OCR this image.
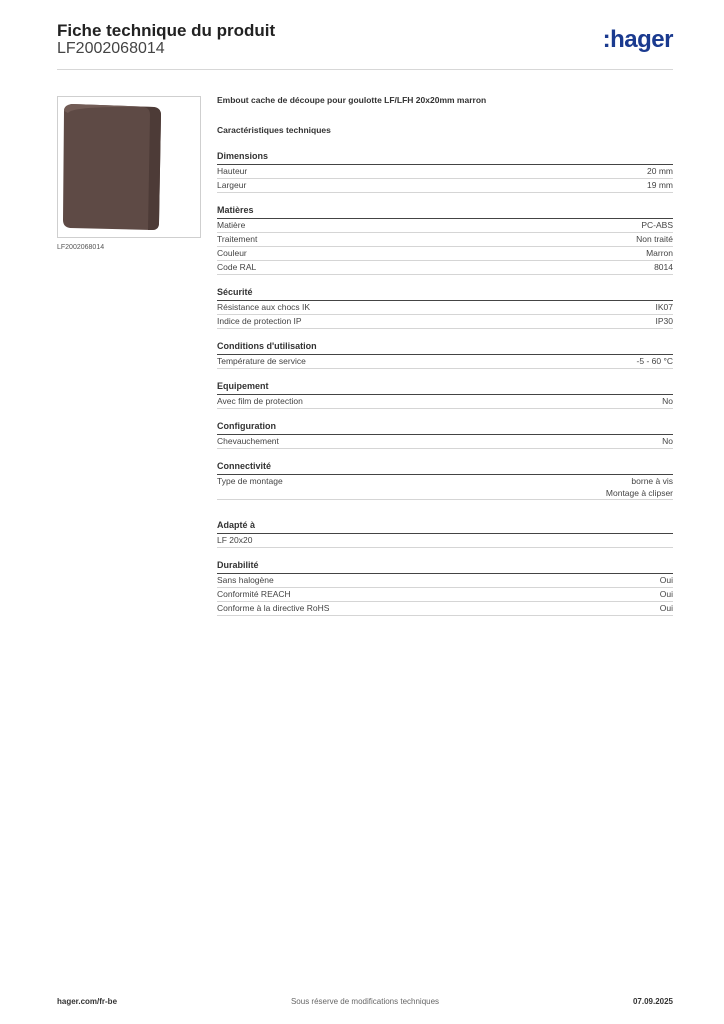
Fiche technique du produit
LF2002068014	:hager
LF2002068014
Embout cache de découpe pour goulotte LF/LFH 20x20mm marron
Caractéristiques techniques
Dimensions
Hauteur	20 mm
Largeur	19 mm
Matières
Matière	PC-ABS
Traitement	Non traité
Couleur	Marron
Code RAL	8014
Sécurité
Résistance aux chocs IK	IK07
Indice de protection IP	IP30
Conditions d'utilisation
Température de service	-5 - 60 °C
Equipement
Avec film de protection	No
Configuration
Chevauchement	No
Connectivité
Type de montage	borne à vis
Montage à clipser
Adapté à
LF 20x20
Durabilité
Sans halogène	Oui
Conformité REACH	Oui
Conforme à la directive RoHS	Oui
hager.com/fr-be	Sous réserve de modifications techniques	07.09.2025
